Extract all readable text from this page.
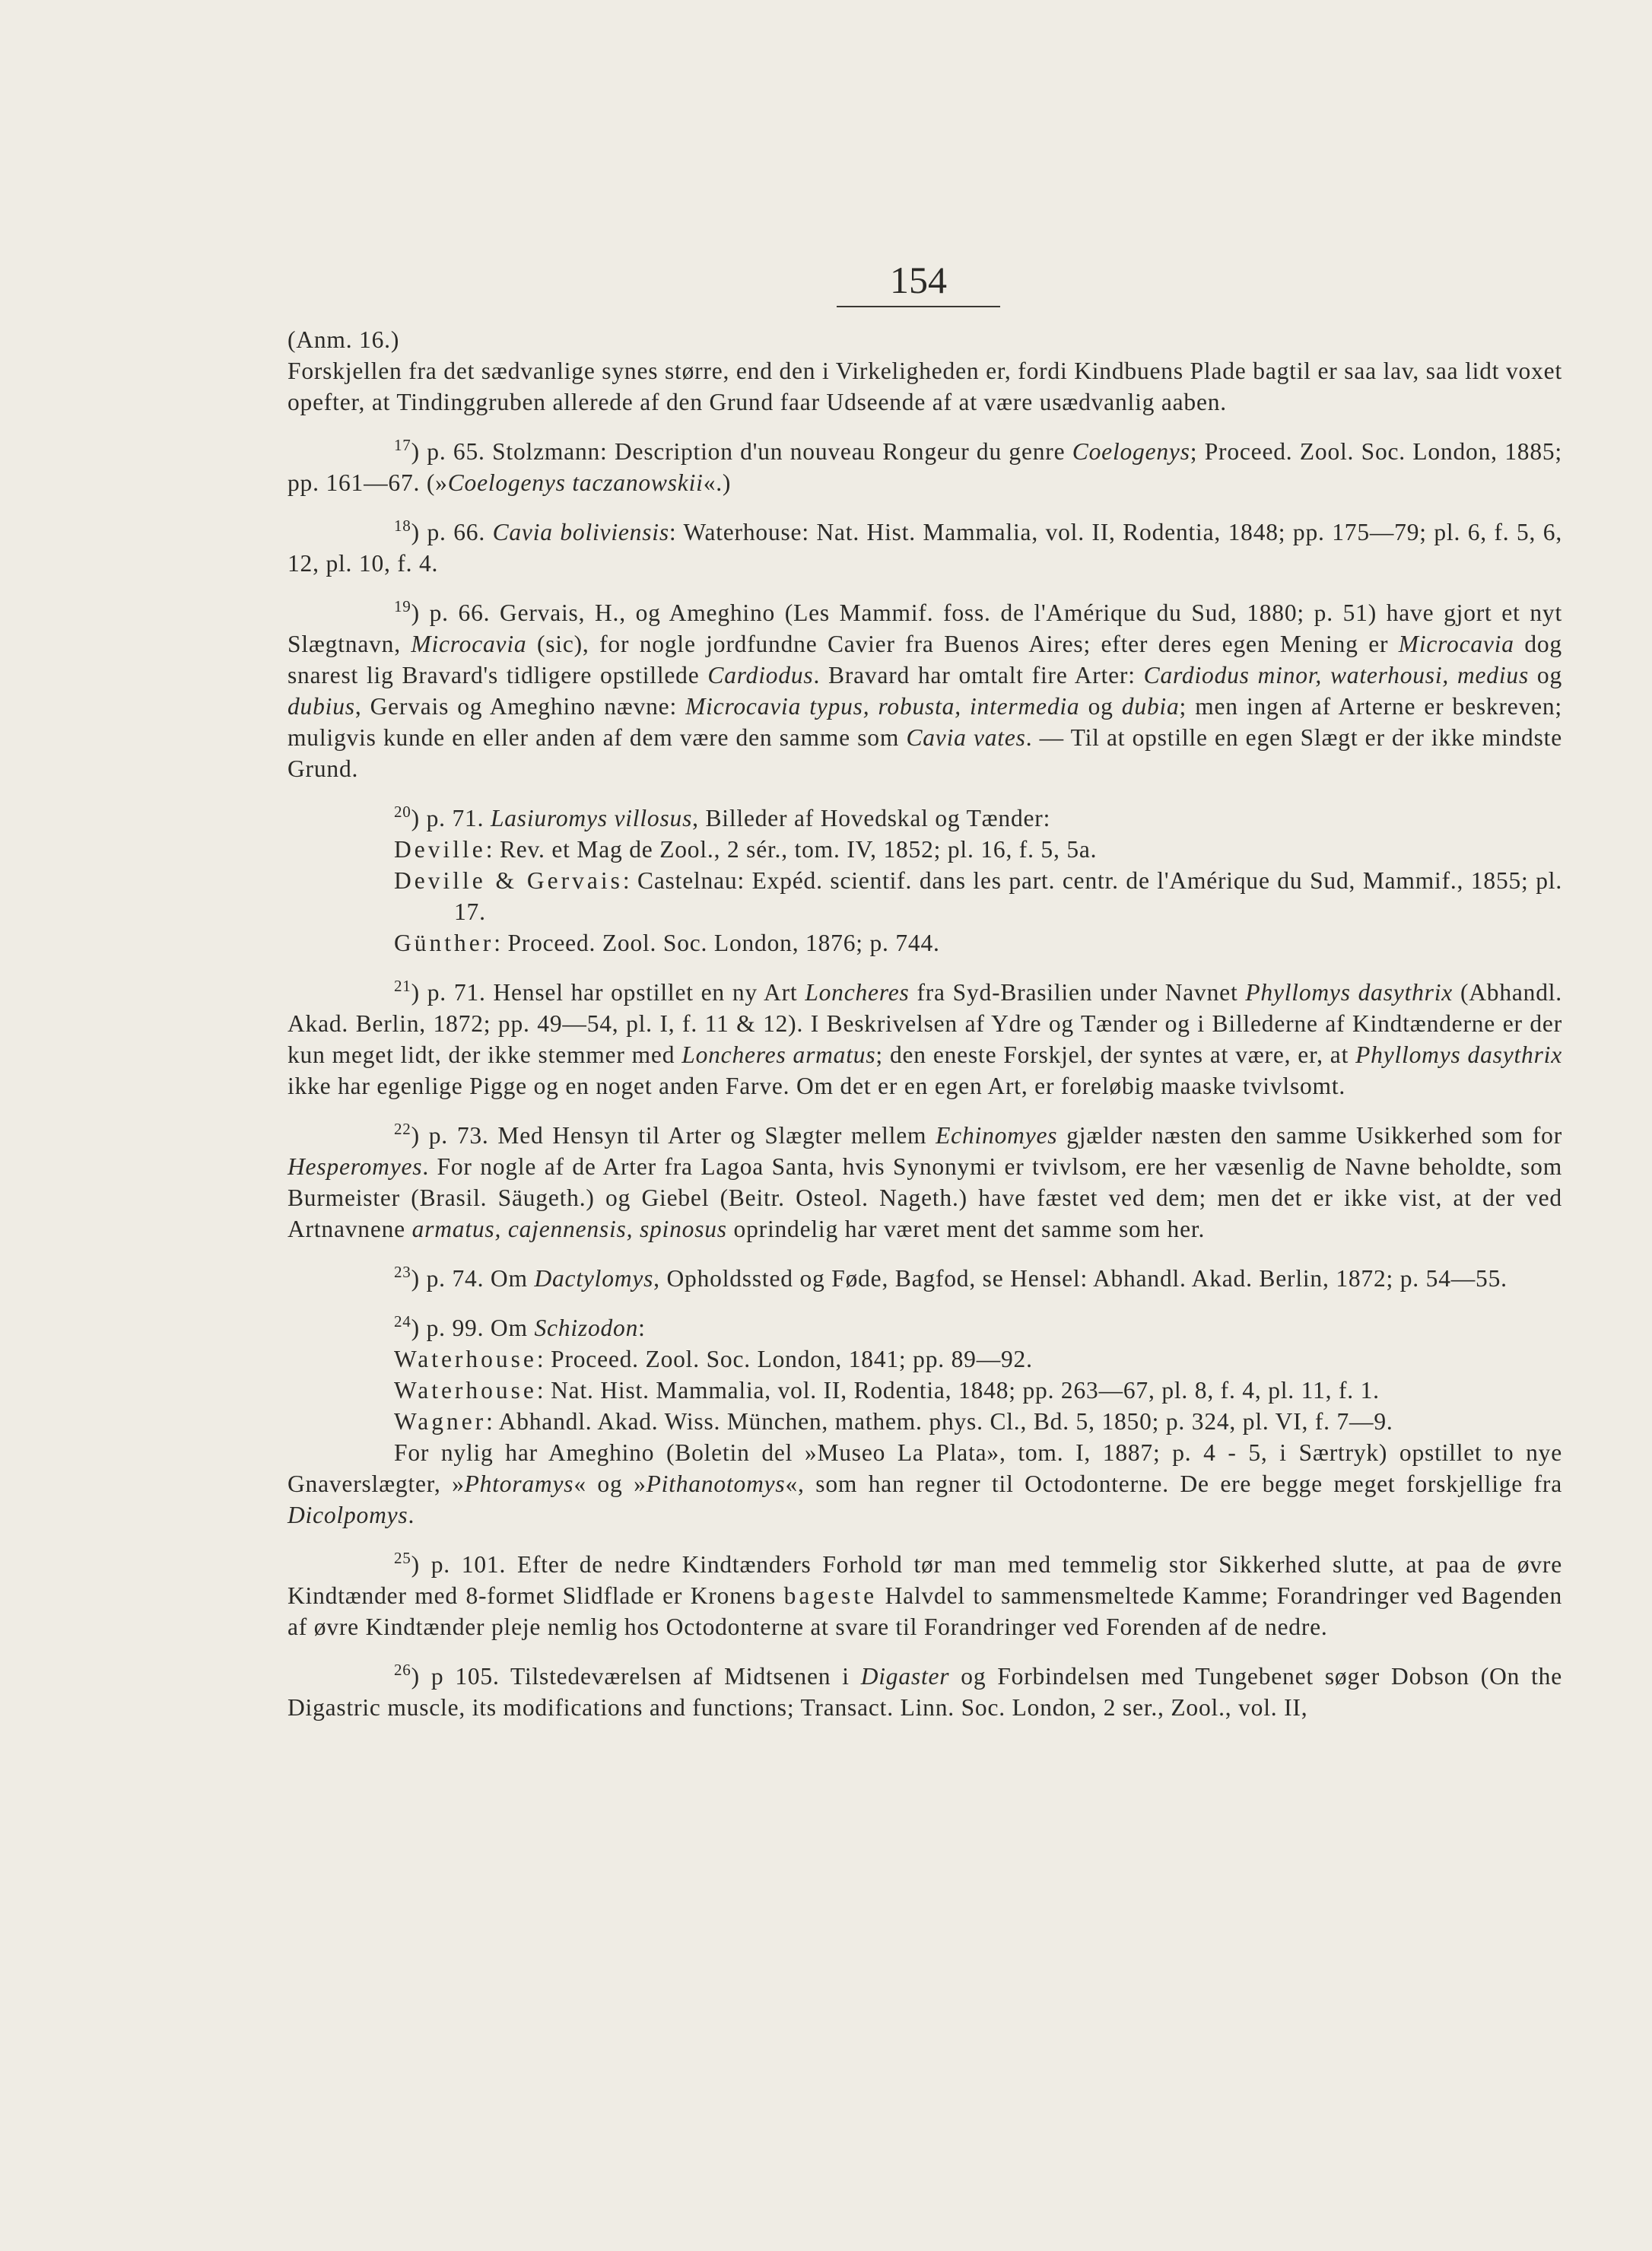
154

(Anm. 16.)

Forskjellen fra det sædvanlige synes større, end den i Virkeligheden er, fordi Kindbuens Plade bagtil er saa lav, saa lidt voxet opefter, at Tindinggruben allerede af den Grund faar Udseende af at være usædvanlig aaben.

$^{17}$) p. 65. Stolzmann: Description d'un nouveau Rongeur du genre Coelogenys; Proceed. Zool. Soc. London, 1885; pp. 161—67. (»Coelogenys taczanowskii«.)

$^{18}$) p. 66. Cavia boliviensis: Waterhouse: Nat. Hist. Mammalia, vol. II, Rodentia, 1848; pp. 175—79; pl. 6, f. 5, 6, 12, pl. 10, f. 4.

$^{19}$) p. 66. Gervais, H., og Ameghino (Les Mammif. foss. de l'Amérique du Sud, 1880; p. 51) have gjort et nyt Slægtnavn, Microcavia (sic), for nogle jordfundne Cavier fra Buenos Aires; efter deres egen Mening er Microcavia dog snarest lig Bravard's tidligere opstillede Cardiodus. Bravard har omtalt fire Arter: Cardiodus minor, waterhousi, medius og dubius, Gervais og Ameghino nævne: Microcavia typus, robusta, intermedia og dubia; men ingen af Arterne er beskreven; muligvis kunde en eller anden af dem være den samme som Cavia vates. — Til at opstille en egen Slægt er der ikke mindste Grund.

$^{20}$) p. 71. Lasiuromys villosus, Billeder af Hovedskal og Tænder:

Deville: Rev. et Mag de Zool., 2 sér., tom. IV, 1852; pl. 16, f. 5, 5a.

Deville & Gervais: Castelnau: Expéd. scientif. dans les part. centr. de l'Amérique du Sud, Mammif., 1855; pl. 17.

Günther: Proceed. Zool. Soc. London, 1876; p. 744.

$^{21}$) p. 71. Hensel har opstillet en ny Art Loncheres fra Syd-Brasilien under Navnet Phyllomys dasythrix (Abhandl. Akad. Berlin, 1872; pp. 49—54, pl. I, f. 11 & 12). I Beskrivelsen af Ydre og Tænder og i Billederne af Kindtænderne er der kun meget lidt, der ikke stemmer med Loncheres armatus; den eneste Forskjel, der syntes at være, er, at Phyllomys dasythrix ikke har egenlige Pigge og en noget anden Farve. Om det er en egen Art, er foreløbig maaske tvivlsomt.

$^{22}$) p. 73. Med Hensyn til Arter og Slægter mellem Echinomyes gjælder næsten den samme Usikkerhed som for Hesperomyes. For nogle af de Arter fra Lagoa Santa, hvis Synonymi er tvivlsom, ere her væsenlig de Navne beholdte, som Burmeister (Brasil. Säugeth.) og Giebel (Beitr. Osteol. Nageth.) have fæstet ved dem; men det er ikke vist, at der ved Artnavnene armatus, cajennensis, spinosus oprindelig har været ment det samme som her.

$^{23}$) p. 74. Om Dactylomys, Opholdssted og Føde, Bagfod, se Hensel: Abhandl. Akad. Berlin, 1872; p. 54—55.

$^{24}$) p. 99. Om Schizodon:

Waterhouse: Proceed. Zool. Soc. London, 1841; pp. 89—92.

Waterhouse: Nat. Hist. Mammalia, vol. II, Rodentia, 1848; pp. 263—67, pl. 8, f. 4, pl. 11, f. 1.

Wagner: Abhandl. Akad. Wiss. München, mathem. phys. Cl., Bd. 5, 1850; p. 324, pl. VI, f. 7—9.

For nylig har Ameghino (Boletin del »Museo La Plata», tom. I, 1887; p. 4 - 5, i Særtryk) opstillet to nye Gnaverslægter, »Phtoramys« og »Pithanotomys«, som han regner til Octodonterne. De ere begge meget forskjellige fra Dicolpomys.

$^{25}$) p. 101. Efter de nedre Kindtænders Forhold tør man med temmelig stor Sikkerhed slutte, at paa de øvre Kindtænder med 8-formet Slidflade er Kronens bageste Halvdel to sammensmeltede Kamme; Forandringer ved Bagenden af øvre Kindtænder pleje nemlig hos Octodonterne at svare til Forandringer ved Forenden af de nedre.

$^{26}$) p 105. Tilstedeværelsen af Midtsenen i Digaster og Forbindelsen med Tungebenet søger Dobson (On the Digastric muscle, its modifications and functions; Transact. Linn. Soc. London, 2 ser., Zool., vol. II,
